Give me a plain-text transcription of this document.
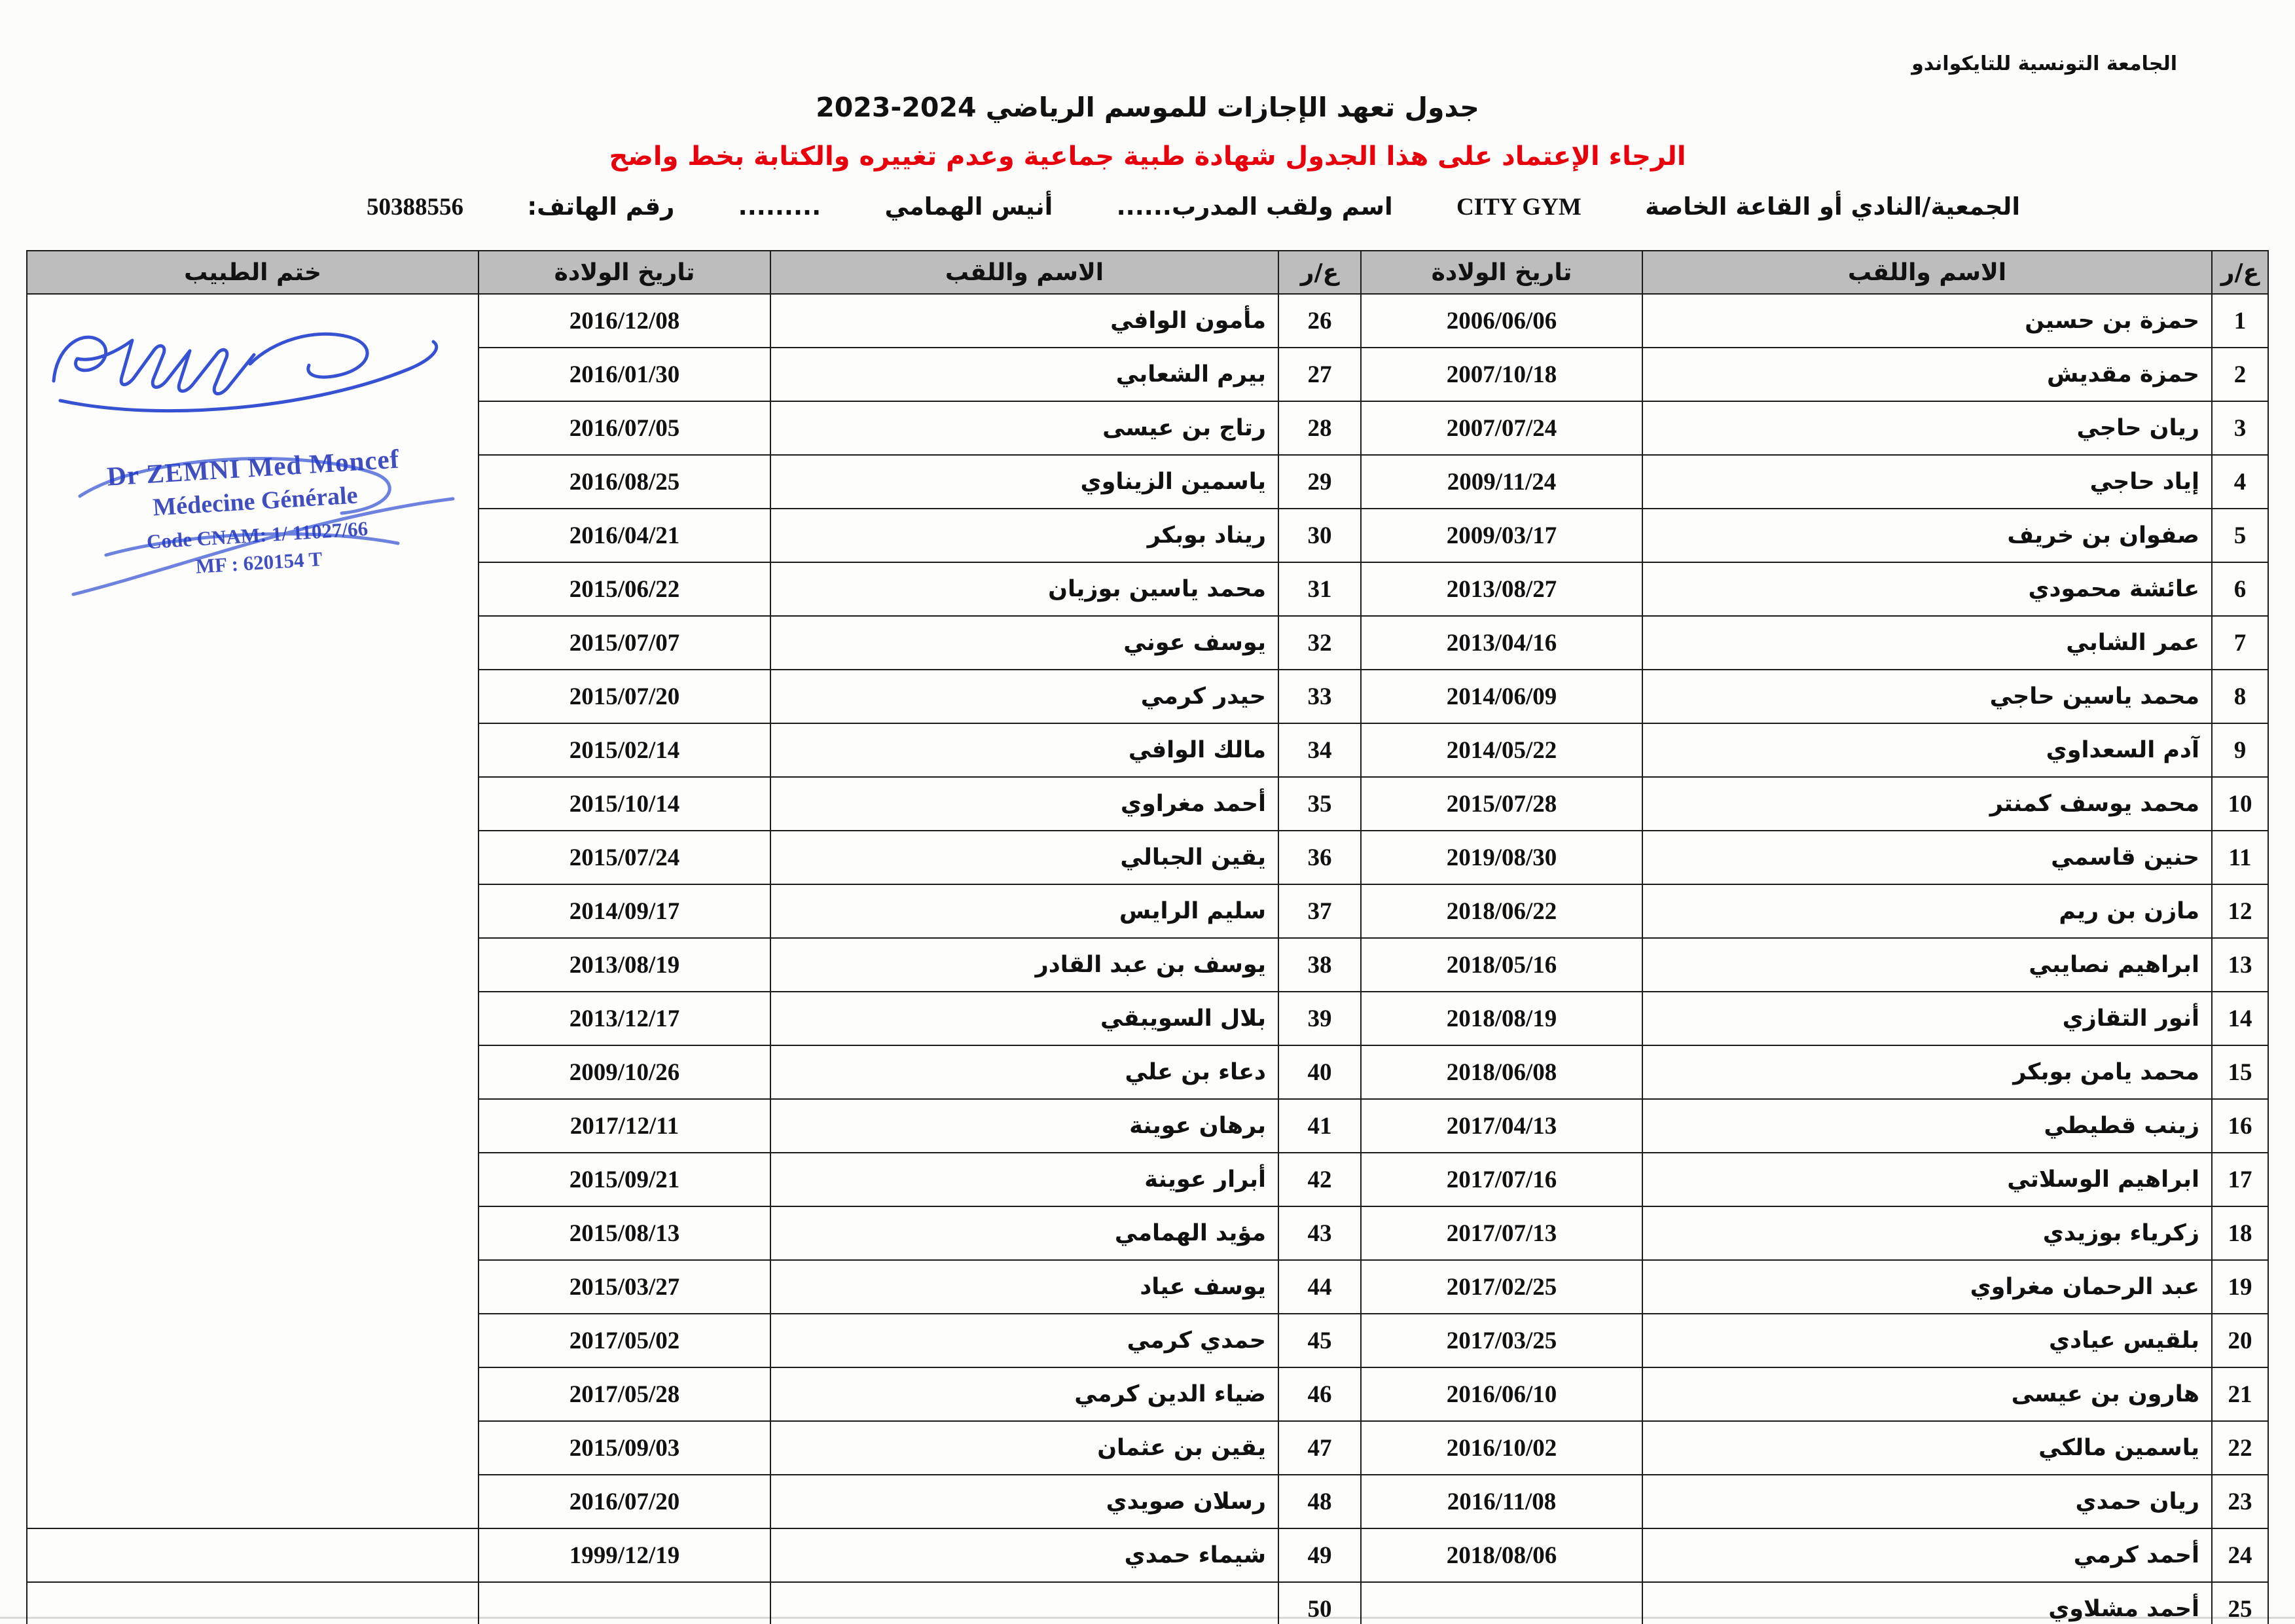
الجامعة التونسية للتايكواندو
جدول تعهد الإجازات للموسم الرياضي 2024-2023
الرجاء الإعتماد على هذا الجدول شهادة طبية جماعية وعدم تغييره والكتابة بخط واضح
الجمعية/النادي أو القاعة الخاصة
CITY GYM
اسم ولقب المدرب......
أنيس الهمامي
.........
رقم الهاتف:
50388556
ع/ر	الاسم واللقب	تاريخ الولادة	ع/ر	الاسم واللقب	تاريخ الولادة	ختم الطبيب
1	حمزة بن حسين	2006/06/06	26	مأمون الوافي	2016/12/08	
2	حمزة مقديش	2007/10/18	27	بيرم الشعابي	2016/01/30	
3	ريان حاجي	2007/07/24	28	رتاج بن عيسى	2016/07/05	
4	إياد حاجي	2009/11/24	29	ياسمين الزيناوي	2016/08/25	
5	صفوان بن خريف	2009/03/17	30	ريناد بوبكر	2016/04/21	
6	عائشة محمودي	2013/08/27	31	محمد ياسين بوزيان	2015/06/22	
7	عمر الشابي	2013/04/16	32	يوسف عوني	2015/07/07	
8	محمد ياسين حاجي	2014/06/09	33	حيدر كرمي	2015/07/20	
9	آدم السعداوي	2014/05/22	34	مالك الوافي	2015/02/14	
10	محمد يوسف كمنتر	2015/07/28	35	أحمد مغراوي	2015/10/14	
11	حنين قاسمي	2019/08/30	36	يقين الجبالي	2015/07/24	
12	مازن بن ريم	2018/06/22	37	سليم الرايس	2014/09/17	
13	ابراهيم نصايبي	2018/05/16	38	يوسف بن عبد القادر	2013/08/19	
14	أنور التقازي	2018/08/19	39	بلال السويبقي	2013/12/17	
15	محمد يامن بوبكر	2018/06/08	40	دعاء بن علي	2009/10/26	
16	زينب قطيطي	2017/04/13	41	برهان عوينة	2017/12/11	
17	ابراهيم الوسلاتي	2017/07/16	42	أبرار عوينة	2015/09/21	
18	زكرياء بوزيدي	2017/07/13	43	مؤيد الهمامي	2015/08/13	
19	عبد الرحمان مغراوي	2017/02/25	44	يوسف عياد	2015/03/27	
20	بلقيس عيادي	2017/03/25	45	حمدي كرمي	2017/05/02	
21	هارون بن عيسى	2016/06/10	46	ضياء الدين كرمي	2017/05/28	
22	ياسمين مالكي	2016/10/02	47	يقين بن عثمان	2015/09/03	
23	ريان حمدي	2016/11/08	48	رسلان صويدي	2016/07/20	
24	أحمد كرمي	2018/08/06	49	شيماء حمدي	1999/12/19	
25	أحمد مشلاوي		50			
Dr ZEMNI Med Moncef
Médecine Générale
Code CNAM: 1/ 11027/66
MF : 620154 T
